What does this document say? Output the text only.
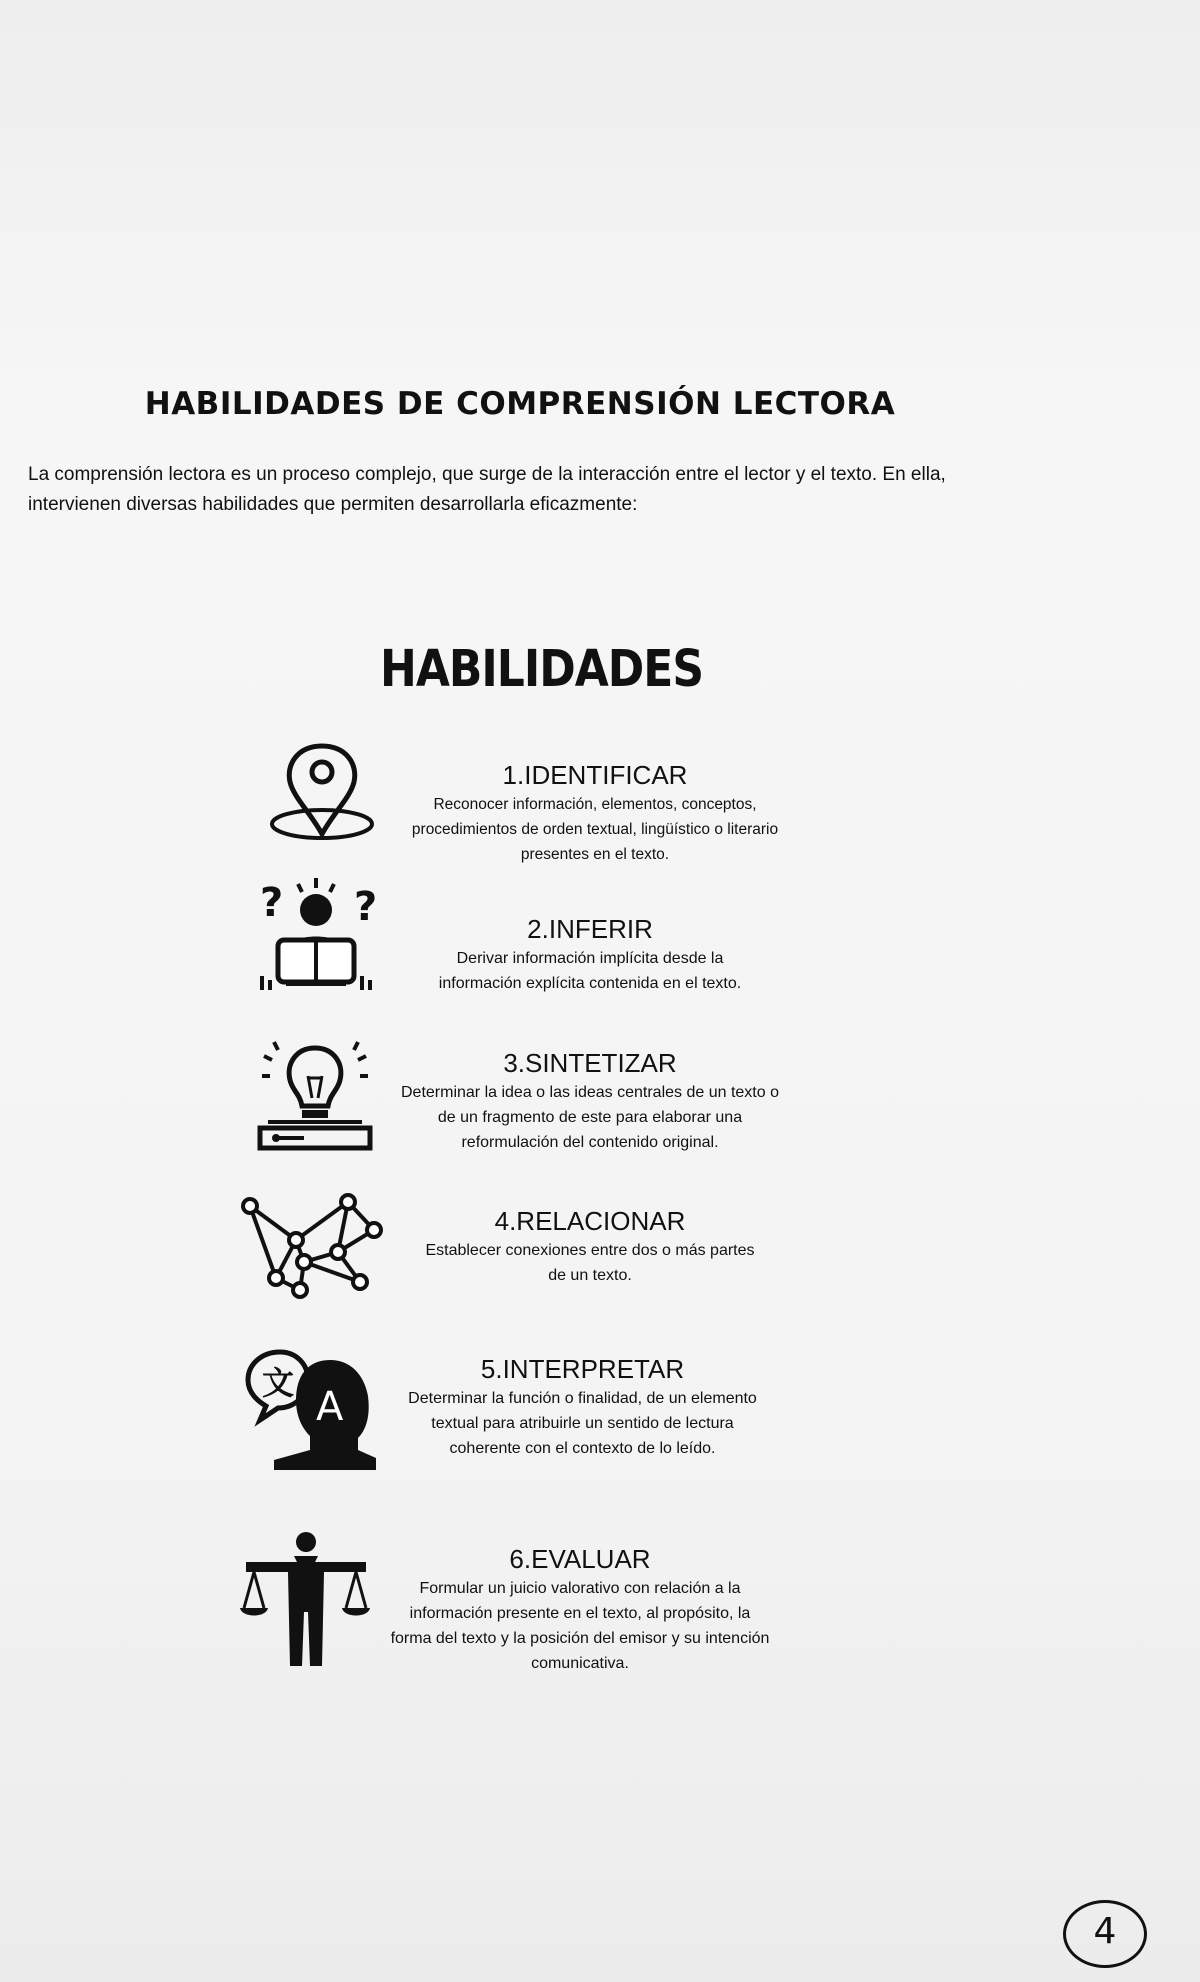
HABILIDADES DE COMPRENSIÓN LECTORA
La comprensión lectora es un proceso complejo, que surge de la interacción entre el lector y el texto. En ella, intervienen diversas habilidades que permiten desarrollarla eficazmente:
HABILIDADES
1.IDENTIFICAR
Reconocer información, elementos, conceptos, procedimientos de orden textual, lingüístico o literario presentes en el texto.
? ?	2.INFERIR
Derivar información implícita desde la información explícita contenida en el texto.
3.SINTETIZAR
Determinar la idea o las ideas centrales de un texto o de un fragmento de este para elaborar una reformulación del contenido original.
4.RELACIONAR
Establecer conexiones entre dos o más partes de un texto.
文
A
5.INTERPRETAR
Determinar la función o finalidad, de un elemento textual para atribuirle un sentido de lectura coherente con el contexto de lo leído.
6.EVALUAR
Formular un juicio valorativo con relación a la información presente en el texto, al propósito, la forma del texto y la posición del emisor y su intención comunicativa.
4
